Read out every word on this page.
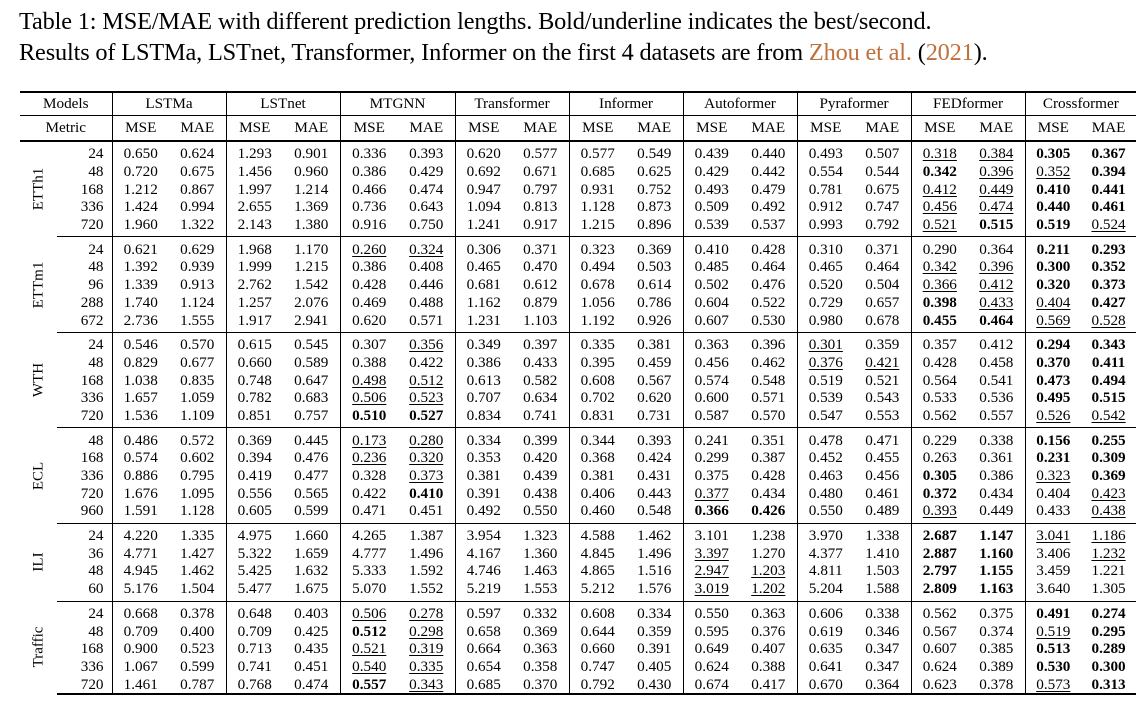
Table 1: MSE/MAE with different prediction lengths. Bold/underline indicates the best/second.
Results of LSTMa, LSTnet, Transformer, Informer on the first 4 datasets are from Zhou et al. (2021).
Models		LSTMa		LSTnet		MTGNN		Transformer		Informer		Autoformer		Pyraformer		FEDformer		Crossformer	
Metric		MSE	MAE	MSE	MAE	MSE	MAE	MSE	MAE	MSE	MAE	MSE	MAE	MSE	MAE	MSE	MAE	MSE	MAE

ETTh1	24	0.650	0.624	1.293	0.901	0.336	0.393	0.620	0.577	0.577	0.549	0.439	0.440	0.493	0.507	0.318	0.384	0.305	0.367
	48	0.720	0.675	1.456	0.960	0.386	0.429	0.692	0.671	0.685	0.625	0.429	0.442	0.554	0.544	0.342	0.396	0.352	0.394
	168	1.212	0.867	1.997	1.214	0.466	0.474	0.947	0.797	0.931	0.752	0.493	0.479	0.781	0.675	0.412	0.449	0.410	0.441
	336	1.424	0.994	2.655	1.369	0.736	0.643	1.094	0.813	1.128	0.873	0.509	0.492	0.912	0.747	0.456	0.474	0.440	0.461
	720	1.960	1.322	2.143	1.380	0.916	0.750	1.241	0.917	1.215	0.896	0.539	0.537	0.993	0.792	0.521	0.515	0.519	0.524

ETTm1	24	0.621	0.629	1.968	1.170	0.260	0.324	0.306	0.371	0.323	0.369	0.410	0.428	0.310	0.371	0.290	0.364	0.211	0.293
	48	1.392	0.939	1.999	1.215	0.386	0.408	0.465	0.470	0.494	0.503	0.485	0.464	0.465	0.464	0.342	0.396	0.300	0.352
	96	1.339	0.913	2.762	1.542	0.428	0.446	0.681	0.612	0.678	0.614	0.502	0.476	0.520	0.504	0.366	0.412	0.320	0.373
	288	1.740	1.124	1.257	2.076	0.469	0.488	1.162	0.879	1.056	0.786	0.604	0.522	0.729	0.657	0.398	0.433	0.404	0.427
	672	2.736	1.555	1.917	2.941	0.620	0.571	1.231	1.103	1.192	0.926	0.607	0.530	0.980	0.678	0.455	0.464	0.569	0.528

WTH	24	0.546	0.570	0.615	0.545	0.307	0.356	0.349	0.397	0.335	0.381	0.363	0.396	0.301	0.359	0.357	0.412	0.294	0.343
	48	0.829	0.677	0.660	0.589	0.388	0.422	0.386	0.433	0.395	0.459	0.456	0.462	0.376	0.421	0.428	0.458	0.370	0.411
	168	1.038	0.835	0.748	0.647	0.498	0.512	0.613	0.582	0.608	0.567	0.574	0.548	0.519	0.521	0.564	0.541	0.473	0.494
	336	1.657	1.059	0.782	0.683	0.506	0.523	0.707	0.634	0.702	0.620	0.600	0.571	0.539	0.543	0.533	0.536	0.495	0.515
	720	1.536	1.109	0.851	0.757	0.510	0.527	0.834	0.741	0.831	0.731	0.587	0.570	0.547	0.553	0.562	0.557	0.526	0.542

ECL	48	0.486	0.572	0.369	0.445	0.173	0.280	0.334	0.399	0.344	0.393	0.241	0.351	0.478	0.471	0.229	0.338	0.156	0.255
	168	0.574	0.602	0.394	0.476	0.236	0.320	0.353	0.420	0.368	0.424	0.299	0.387	0.452	0.455	0.263	0.361	0.231	0.309
	336	0.886	0.795	0.419	0.477	0.328	0.373	0.381	0.439	0.381	0.431	0.375	0.428	0.463	0.456	0.305	0.386	0.323	0.369
	720	1.676	1.095	0.556	0.565	0.422	0.410	0.391	0.438	0.406	0.443	0.377	0.434	0.480	0.461	0.372	0.434	0.404	0.423
	960	1.591	1.128	0.605	0.599	0.471	0.451	0.492	0.550	0.460	0.548	0.366	0.426	0.550	0.489	0.393	0.449	0.433	0.438

ILI	24	4.220	1.335	4.975	1.660	4.265	1.387	3.954	1.323	4.588	1.462	3.101	1.238	3.970	1.338	2.687	1.147	3.041	1.186
	36	4.771	1.427	5.322	1.659	4.777	1.496	4.167	1.360	4.845	1.496	3.397	1.270	4.377	1.410	2.887	1.160	3.406	1.232
	48	4.945	1.462	5.425	1.632	5.333	1.592	4.746	1.463	4.865	1.516	2.947	1.203	4.811	1.503	2.797	1.155	3.459	1.221
	60	5.176	1.504	5.477	1.675	5.070	1.552	5.219	1.553	5.212	1.576	3.019	1.202	5.204	1.588	2.809	1.163	3.640	1.305

Traffic	24	0.668	0.378	0.648	0.403	0.506	0.278	0.597	0.332	0.608	0.334	0.550	0.363	0.606	0.338	0.562	0.375	0.491	0.274
	48	0.709	0.400	0.709	0.425	0.512	0.298	0.658	0.369	0.644	0.359	0.595	0.376	0.619	0.346	0.567	0.374	0.519	0.295
	168	0.900	0.523	0.713	0.435	0.521	0.319	0.664	0.363	0.660	0.391	0.649	0.407	0.635	0.347	0.607	0.385	0.513	0.289
	336	1.067	0.599	0.741	0.451	0.540	0.335	0.654	0.358	0.747	0.405	0.624	0.388	0.641	0.347	0.624	0.389	0.530	0.300
	720	1.461	0.787	0.768	0.474	0.557	0.343	0.685	0.370	0.792	0.430	0.674	0.417	0.670	0.364	0.623	0.378	0.573	0.313
